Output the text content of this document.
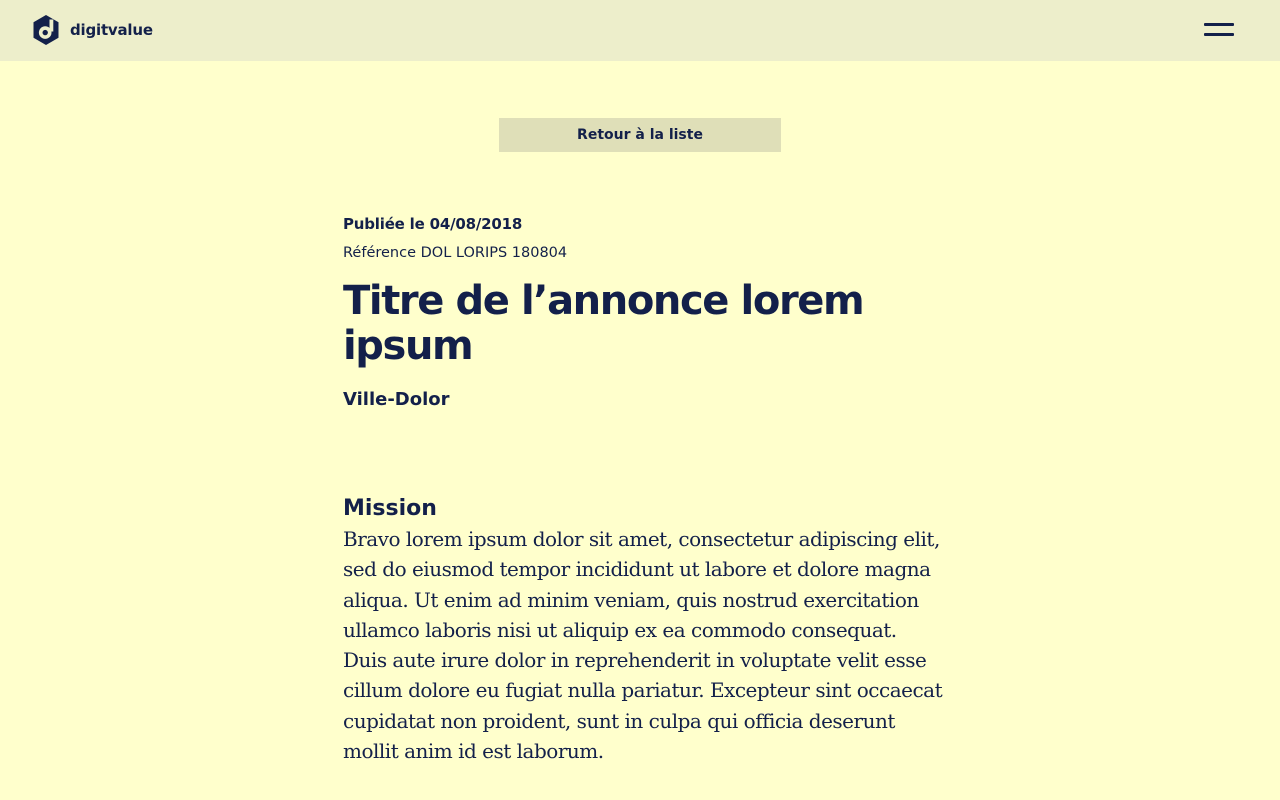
digitvalue
Retour à la liste

Publiée le 04/08/2018

Référence DOL LORIPS 180804

Titre de l’annonce lorem ipsum

Ville-Dolor

Mission

Bravo lorem ipsum dolor sit amet, consectetur adipiscing elit, sed do eiusmod tempor incididunt ut labore et dolore magna aliqua. Ut enim ad minim veniam, quis nostrud exercitation ullamco laboris nisi ut aliquip ex ea commodo consequat. Duis aute irure dolor in reprehenderit in voluptate velit esse cillum dolore eu fugiat nulla pariatur. Excepteur sint occaecat cupidatat non proident, sunt in culpa qui officia deserunt mollit anim id est laborum.
